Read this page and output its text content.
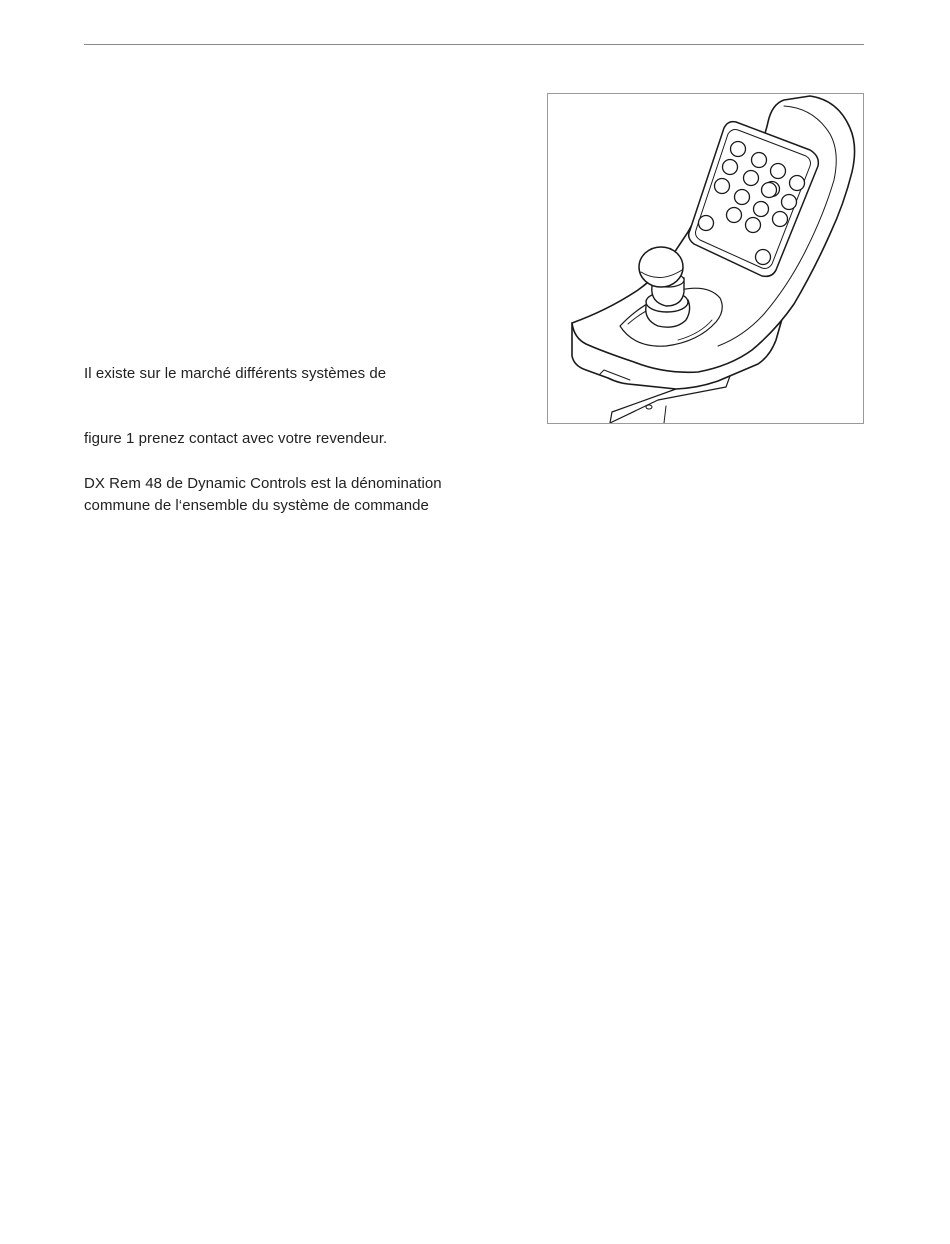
Il existe sur le marché différents systèmes de

figure 1 prenez contact avec votre revendeur.

DX Rem 48 de Dynamic Controls est la dénomination
commune de l‘ensemble du système de commande
